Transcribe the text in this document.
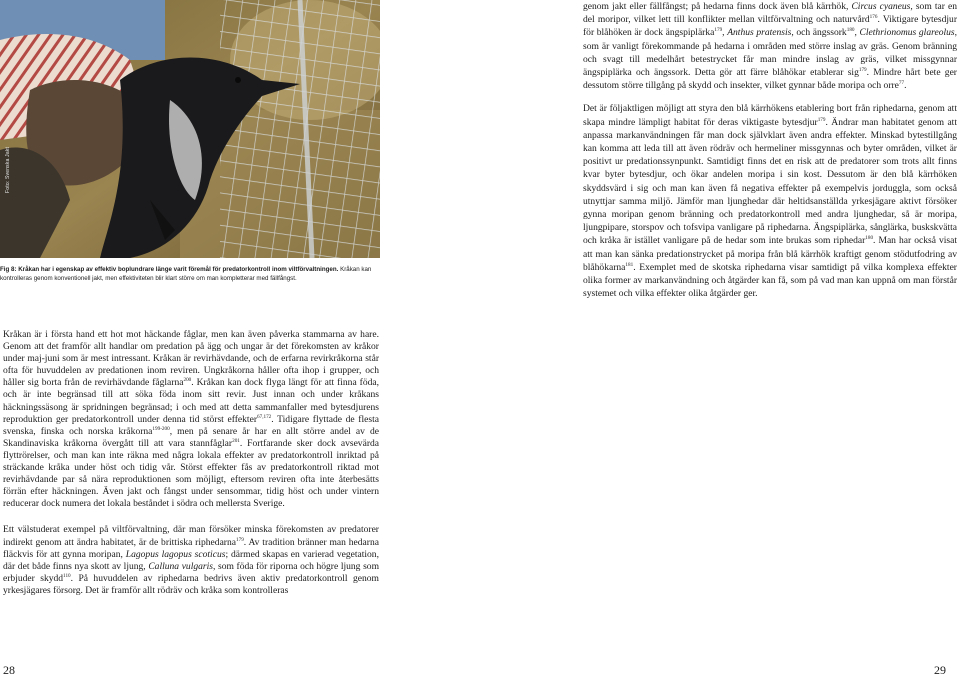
Foto: Svenska Jakt
Fig 8: Kråkan har i egenskap av effektiv boplundrare länge varit föremål för predatorkontroll inom viltförvaltningen. Kråkan kan kontrolleras genom konventionell jakt, men effektiviteten blir klart större om man kompletterar med fällfångst.

genom jakt eller fällfångst; på hedarna finns dock även blå kärrhök, Circus cyaneus, som tar en del moripor, vilket lett till konflikter mellan viltförvaltning och naturvård$^{176}$. Viktigare bytesdjur för blåhöken är dock ängspiplärka$^{179}$, Anthus pratensis, och ängssork$^{180}$, Clethrionomus glareolus, som är vanligt förekommande på hedarna i områden med större inslag av gräs. Genom bränning och svagt till medelhårt betestrycket får man mindre inslag av gräs, vilket missgynnar ängspiplärka och ängssork. Detta gör att färre blåhökar etablerar sig$^{179}$. Mindre hårt bete ger dessutom större tillgång på skydd och insekter, vilket gynnar både moripa och orre$^{77}$.

Det är följaktligen möjligt att styra den blå kärrhökens etablering bort från riphedarna, genom att skapa mindre lämpligt habitat för deras viktigaste bytesdjur$^{179}$. Ändrar man habitatet genom att anpassa markanvändningen får man dock självklart även andra effekter. Minskad bytestillgång kan komma att leda till att även rödräv och hermeliner missgynnas och byter områden, vilket är positivt ur predationssynpunkt. Samtidigt finns det en risk att de predatorer som trots allt finns kvar byter bytesdjur, och ökar andelen moripa i sin kost. Dessutom är den blå kärrhöken skyddsvärd i sig och man kan även få negativa effekter på exempelvis jorduggla, som också utnyttjar samma miljö. Jämför man ljunghedar där heltidsanställda yrkesjägare aktivt försöker gynna moripan genom bränning och predatorkontroll med andra ljunghedar, så är moripa, ljungpipare, storspov och tofsvipa vanligare på riphedarna. Ängspiplärka, sånglärka, buskskvätta och kråka är istället vanligare på de hedar som inte brukas som riphedar$^{180}$. Man har också visat att man kan sänka predationstrycket på moripa från blå kärrhök kraftigt genom stödutfodring av blåhökarna$^{181}$. Exemplet med de skotska riphedarna visar samtidigt på vilka komplexa effekter olika former av markanvändning och åtgärder kan få, som på vad man kan uppnå om man förstår systemet och vilka effekter olika åtgärder ger.

Kråkan är i första hand ett hot mot häckande fåglar, men kan även påverka stammarna av hare. Genom att det framför allt handlar om predation på ägg och ungar är det förekomsten av kråkor under maj-juni som är mest intressant. Kråkan är revirhävdande, och de erfarna revirkråkorna står ofta för huvuddelen av predationen inom reviren. Ungkråkorna håller ofta ihop i grupper, och håller sig borta från de revirhävdande fåglarna$^{200}$. Kråkan kan dock flyga längt för att finna föda, och är inte begränsad till att söka föda inom sitt revir. Just innan och under kråkans häckningssäsong är spridningen begränsad; i och med att detta sammanfaller med bytesdjurens reproduktion ger predatorkontroll under denna tid störst effekter$^{67,172}$. Tidigare flyttade de flesta svenska, finska och norska kråkorna$^{199-200}$, men på senare år har en allt större andel av de Skandinaviska kråkorna övergått till att vara stannfåglar$^{201}$. Fortfarande sker dock avsevärda flyttrörelser, och man kan inte räkna med några lokala effekter av predatorkontroll inriktad på sträckande kråka under höst och tidig vår. Störst effekter fås av predatorkontroll riktad mot revirhävdande par så nära reproduktionen som möjligt, eftersom reviren ofta inte återbesätts förrän efter häckningen. Även jakt och fångst under sensommar, tidig höst och under vintern reducerar dock numera det lokala beståndet i södra och mellersta Sverige.

Ett välstuderat exempel på viltförvaltning, där man försöker minska förekomsten av predatorer indirekt genom att ändra habitatet, är de brittiska riphedarna$^{179}$. Av tradition bränner man hedarna fläckvis för att gynna moripan, Lagopus lagopus scoticus; därmed skapas en varierad vegetation, där det både finns nya skott av ljung, Calluna vulgaris, som föda för riporna och högre ljung som erbjuder skydd$^{110}$. På huvuddelen av riphedarna bedrivs även aktiv predatorkontroll genom yrkesjägares försorg. Det är framför allt rödräv och kråka som kontrolleras

28	29
